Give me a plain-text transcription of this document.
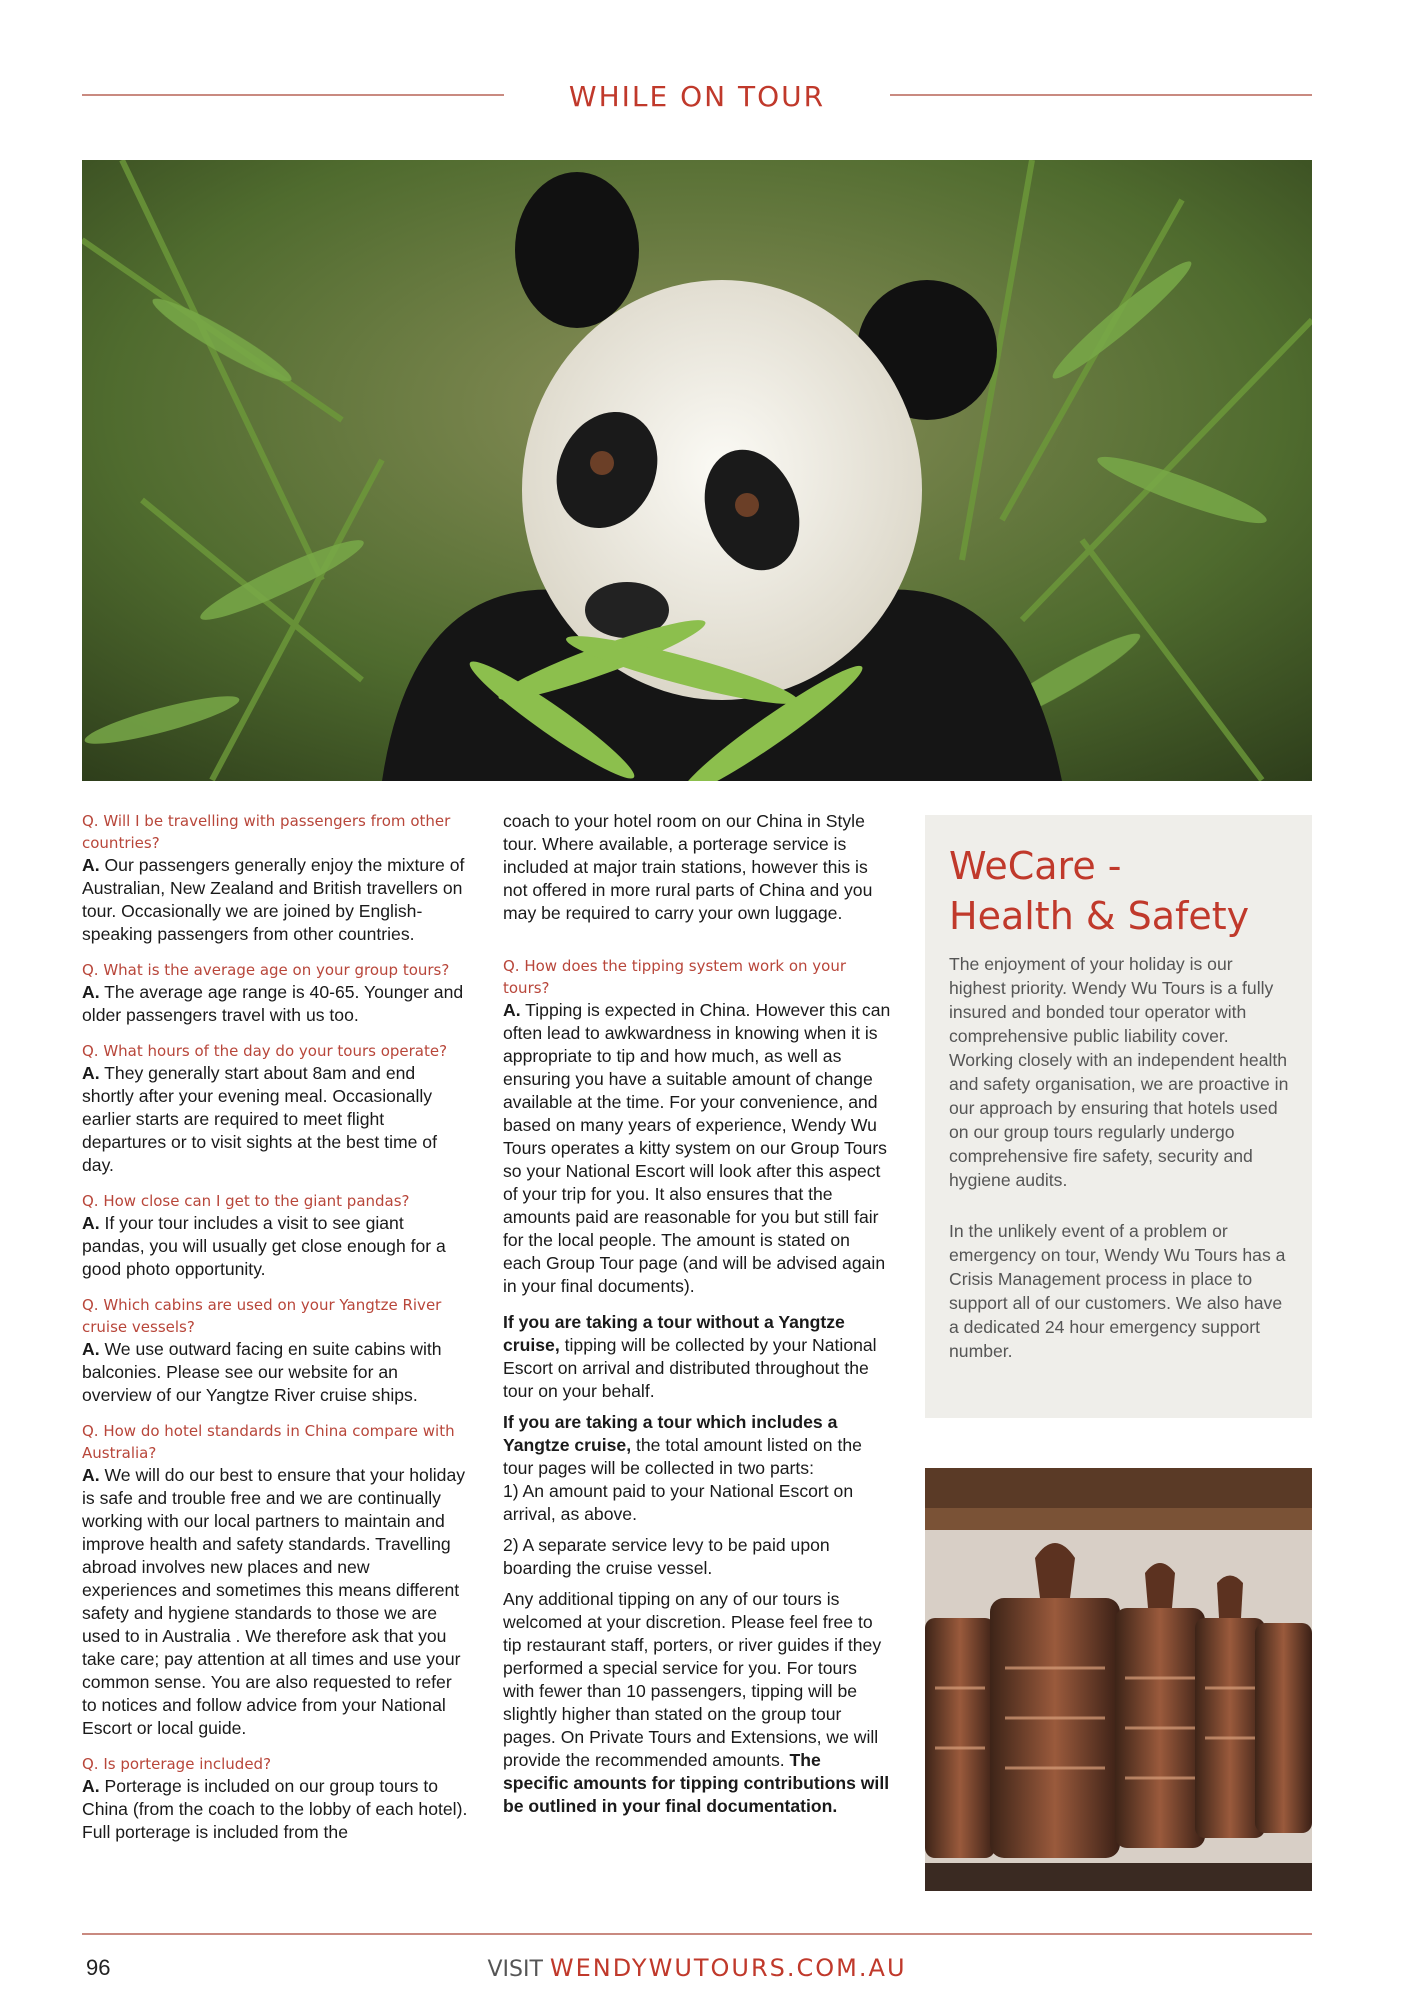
WHILE ON TOUR
Q. Will I be travelling with passengers from other countries?
A. Our passengers generally enjoy the mixture of Australian, New Zealand and British travellers on tour. Occasionally we are joined by English-speaking passengers from other countries.
Q. What is the average age on your group tours?
A. The average age range is 40-65. Younger and older passengers travel with us too.
Q. What hours of the day do your tours operate?
A. They generally start about 8am and end shortly after your evening meal. Occasionally earlier starts are required to meet flight departures or to visit sights at the best time of day.
Q. How close can I get to the giant pandas?
A. If your tour includes a visit to see giant pandas, you will usually get close enough for a good photo opportunity.
Q. Which cabins are used on your Yangtze River cruise vessels?
A. We use outward facing en suite cabins with balconies. Please see our website for an overview of our Yangtze River cruise ships.
Q. How do hotel standards in China compare with Australia?
A. We will do our best to ensure that your holiday is safe and trouble free and we are continually working with our local partners to maintain and improve health and safety standards. Travelling abroad involves new places and new experiences and sometimes this means different safety and hygiene standards to those we are used to in Australia . We therefore ask that you take care; pay attention at all times and use your common sense. You are also requested to refer to notices and follow advice from your National Escort or local guide.
Q. Is porterage included?
A. Porterage is included on our group tours to China (from the coach to the lobby of each hotel). Full porterage is included from the

coach to your hotel room on our China in Style tour. Where available, a porterage service is included at major train stations, however this is not offered in more rural parts of China and you may be required to carry your own luggage.

Q. How does the tipping system work on your tours?
A. Tipping is expected in China. However this can often lead to awkwardness in knowing when it is appropriate to tip and how much, as well as ensuring you have a suitable amount of change available at the time. For your convenience, and based on many years of experience, Wendy Wu Tours operates a kitty system on our Group Tours so your National Escort will look after this aspect of your trip for you. It also ensures that the amounts paid are reasonable for you but still fair for the local people. The amount is stated on each Group Tour page (and will be advised again in your final documents).

If you are taking a tour without a Yangtze cruise, tipping will be collected by your National Escort on arrival and distributed throughout the tour on your behalf.

If you are taking a tour which includes a Yangtze cruise, the total amount listed on the tour pages will be collected in two parts:

1) An amount paid to your National Escort on arrival, as above.

2) A separate service levy to be paid upon boarding the cruise vessel.

Any additional tipping on any of our tours is welcomed at your discretion. Please feel free to tip restaurant staff, porters, or river guides if they performed a special service for you. For tours with fewer than 10 passengers, tipping will be slightly higher than stated on the group tour pages. On Private Tours and Extensions, we will provide the recommended amounts. The specific amounts for tipping contributions will be outlined in your final documentation.

WeCare -
Health & Safety

The enjoyment of your holiday is our highest priority. Wendy Wu Tours is a fully insured and bonded tour operator with comprehensive public liability cover. Working closely with an independent health and safety organisation, we are proactive in our approach by ensuring that hotels used on our group tours regularly undergo comprehensive fire safety, security and hygiene audits.

In the unlikely event of a problem or emergency on tour, Wendy Wu Tours has a Crisis Management process in place to support all of our customers. We also have a dedicated 24 hour emergency support number.

96	VISIT WENDYWUTOURS.COM.AU
